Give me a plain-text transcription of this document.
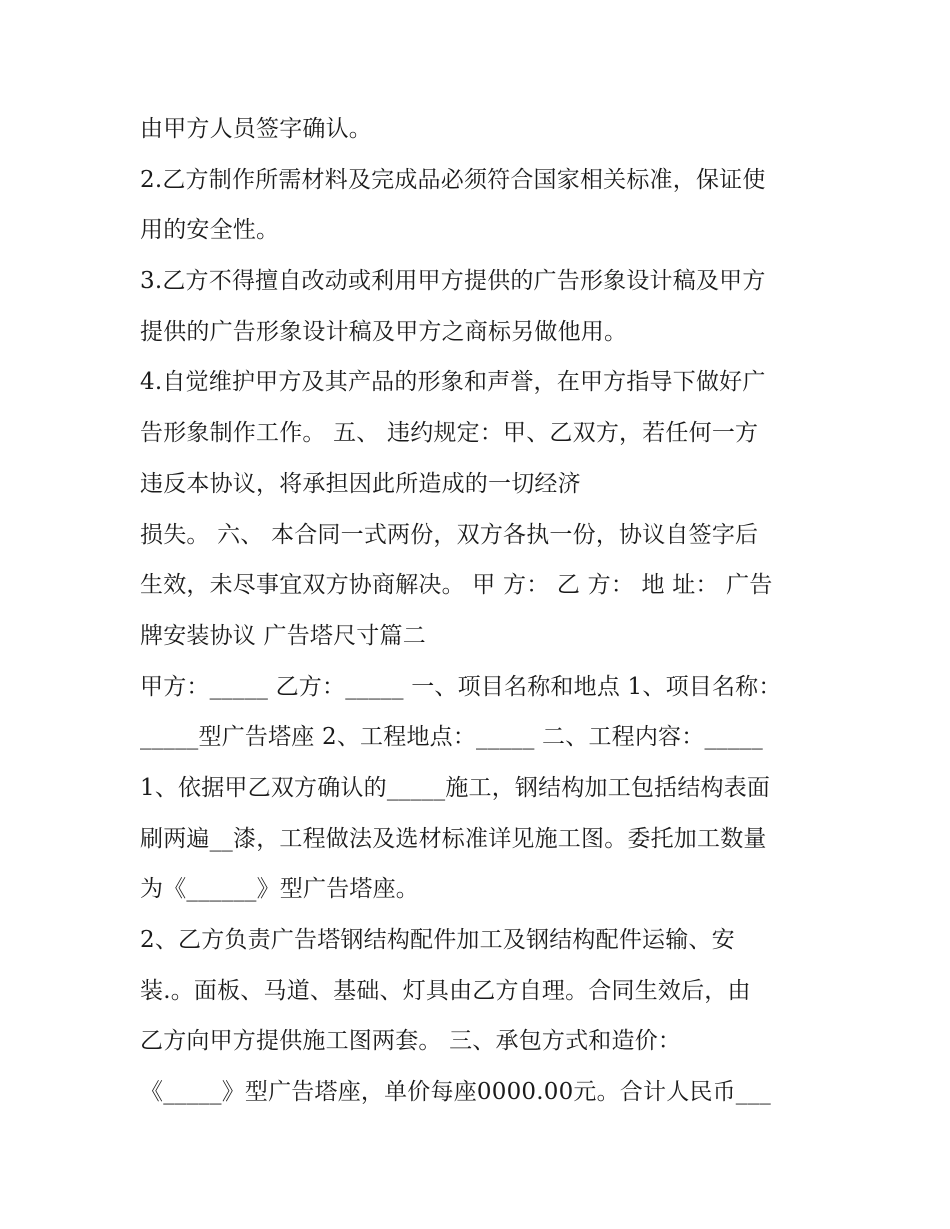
由甲方人员签字确认。
2.乙方制作所需材料及完成品必须符合国家相关标准，保证使
用的安全性。
3.乙方不得擅自改动或利用甲方提供的广告形象设计稿及甲方
提供的广告形象设计稿及甲方之商标另做他用。
4.自觉维护甲方及其产品的形象和声誉，在甲方指导下做好广
告形象制作工作。 五、 违约规定：甲、乙双方，若任何一方
违反本协议，将承担因此所造成的一切经济
损失。 六、 本合同一式两份，双方各执一份，协议自签字后
生效，未尽事宜双方协商解决。 甲 方： 乙 方： 地 址： 广告
牌安装协议 广告塔尺寸篇二
甲方：_____ 乙方：_____ 一、项目名称和地点 1、项目名称：
_____型广告塔座 2、工程地点：_____ 二、工程内容：_____
1、依据甲乙双方确认的_____施工，钢结构加工包括结构表面
刷两遍__漆，工程做法及选材标准详见施工图。委托加工数量
为《______》型广告塔座。
2、乙方负责广告塔钢结构配件加工及钢结构配件运输、安
装.。面板、马道、基础、灯具由乙方自理。合同生效后，由
乙方向甲方提供施工图两套。 三、承包方式和造价：
《_____》型广告塔座，单价每座0000.00元。合计人民币___
